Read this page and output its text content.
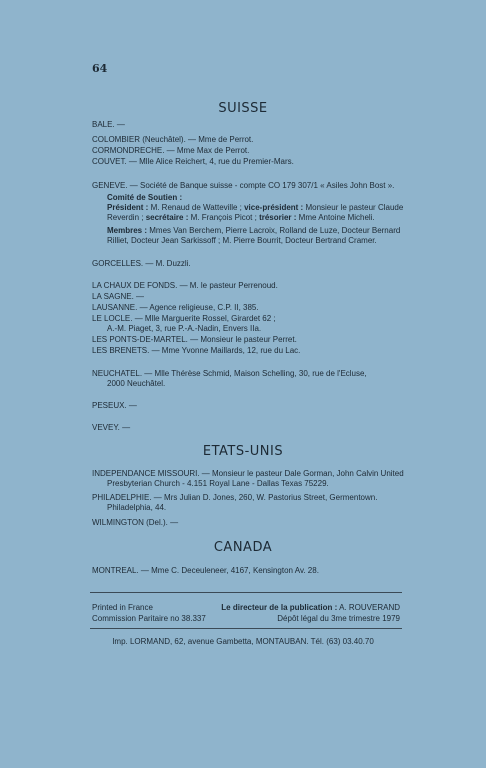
64
SUISSE
BALE. —
COLOMBIER (Neuchâtel). — Mme de Perrot.
CORMONDRECHE. — Mme Max de Perrot.
COUVET. — Mlle Alice Reichert, 4, rue du Premier-Mars.
GENEVE. — Société de Banque suisse - compte CO 179 307/1 « Asiles John Bost ».
Comité de Soutien :
Président : M. Renaud de Watteville ; vice-président : Monsieur le pasteur Claude
Reverdin ; secrétaire : M. François Picot ; trésorier : Mme Antoine Micheli.
Membres : Mmes Van Berchem, Pierre Lacroix, Rolland de Luze, Docteur Bernard
Rilliet, Docteur Jean Sarkissoff ; M. Pierre Bourrit, Docteur Bertrand Cramer.
GORCELLES. — M. Duzzli.
LA CHAUX DE FONDS. — M. le pasteur Perrenoud.
LA SAGNE. —
LAUSANNE. — Agence religieuse, C.P. II, 385.
LE LOCLE. — Mlle Marguerite Rossel, Girardet 62 ;
A.-M. Piaget, 3, rue P.-A.-Nadin, Envers IIa.
LES PONTS-DE-MARTEL. — Monsieur le pasteur Perret.
LES BRENETS. — Mme Yvonne Maillards, 12, rue du Lac.
NEUCHATEL. — Mlle Thérèse Schmid, Maison Schelling, 30, rue de l'Ecluse,
2000 Neuchâtel.
PESEUX. —
VEVEY. —
ETATS-UNIS
INDEPENDANCE MISSOURI. — Monsieur le pasteur Dale Gorman, John Calvin United
Presbyterian Church - 4.151 Royal Lane - Dallas Texas 75229.
PHILADELPHIE. — Mrs Julian D. Jones, 260, W. Pastorius Street, Germentown.
Philadelphia, 44.
WILMINGTON (Del.). —
CANADA
MONTREAL. — Mme C. Deceuleneer, 4167, Kensington Av. 28.
Printed in France
Commission Paritaire no 38.337
Le directeur de la publication : A. ROUVERAND
Dépôt légal du 3me trimestre 1979
Imp. LORMAND, 62, avenue Gambetta, MONTAUBAN. Tél. (63) 03.40.70
